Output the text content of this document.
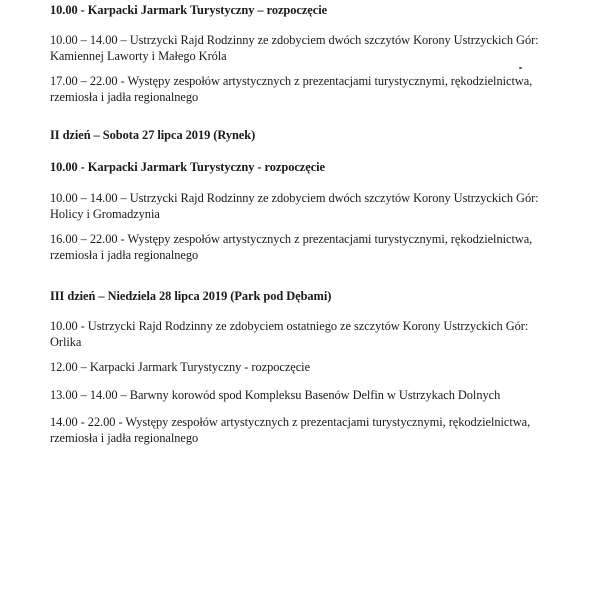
10.00 - Karpacki Jarmark Turystyczny – rozpoczęcie
10.00 – 14.00 – Ustrzycki Rajd Rodzinny ze zdobyciem dwóch szczytów Korony Ustrzyckich Gór:
Kamiennej Laworty i Małego Króla
17.00 – 22.00 - Występy zespołów artystycznych z prezentacjami turystycznymi, rękodzielnictwa,
rzemiosła i jadła regionalnego
II dzień – Sobota 27 lipca 2019 (Rynek)
10.00 - Karpacki Jarmark Turystyczny - rozpoczęcie
10.00 – 14.00 – Ustrzycki Rajd Rodzinny ze zdobyciem dwóch szczytów Korony Ustrzyckich Gór:
Holicy i Gromadzynia
16.00 – 22.00 - Występy zespołów artystycznych z prezentacjami turystycznymi, rękodzielnictwa,
rzemiosła i jadła regionalnego
III dzień – Niedziela 28 lipca 2019 (Park pod Dębami)
10.00 - Ustrzycki Rajd Rodzinny ze zdobyciem ostatniego ze szczytów Korony Ustrzyckich Gór:
Orlika
12.00 – Karpacki Jarmark Turystyczny - rozpoczęcie
13.00 – 14.00 – Barwny korowód spod Kompleksu Basenów Delfin w Ustrzykach Dolnych
14.00 - 22.00 - Występy zespołów artystycznych z prezentacjami turystycznymi, rękodzielnictwa,
rzemiosła i jadła regionalnego
